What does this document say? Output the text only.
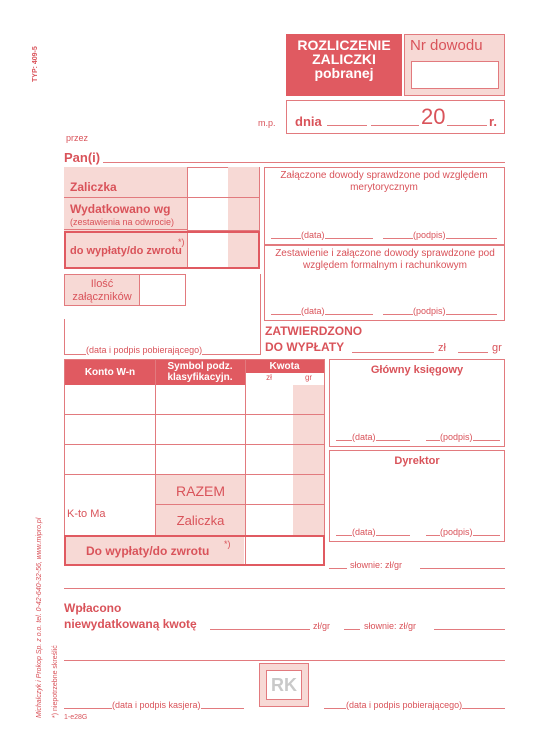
TYP: 409-5
Michalczyk i Prokop Sp. z o.o. tel. 0-42-640-32-56, www.mipro.pl *) niepotrzebne skreślić 1-e28G
ROZLICZENIE
ZALICZKI
pobranej
Nr dowodu
m.p. dnia	20	r.
przez
Pan(i)
Zaliczka
Wydatkowano wg
(zestawienia na odwrocie)
do wypłaty/do zwrotu
*)
Ilość
załączników
(data i podpis pobierającego)
Załączone dowody sprawdzone pod względem merytorycznym
(data)	(podpis)
Zestawienie i załączone dowody sprawdzone pod względem formalnym i rachunkowym
(data)	(podpis)
ZATWIERDZONO
DO WYPŁATY	zł	gr
Konto W-n
Symbol podz. klasyfikacyjn.
Kwota
zł	gr
RAZEM
K-to Ma	Zaliczka
Do wypłaty/do zwrotu *)
Główny księgowy
(data)	(podpis)
Dyrektor
(data)	(podpis)
słownie: zł/gr
Wpłacono
niewydatkowaną kwotę	zł/gr	słownie: zł/gr
RK
(data i podpis kasjera)	(data i podpis pobierającego)
